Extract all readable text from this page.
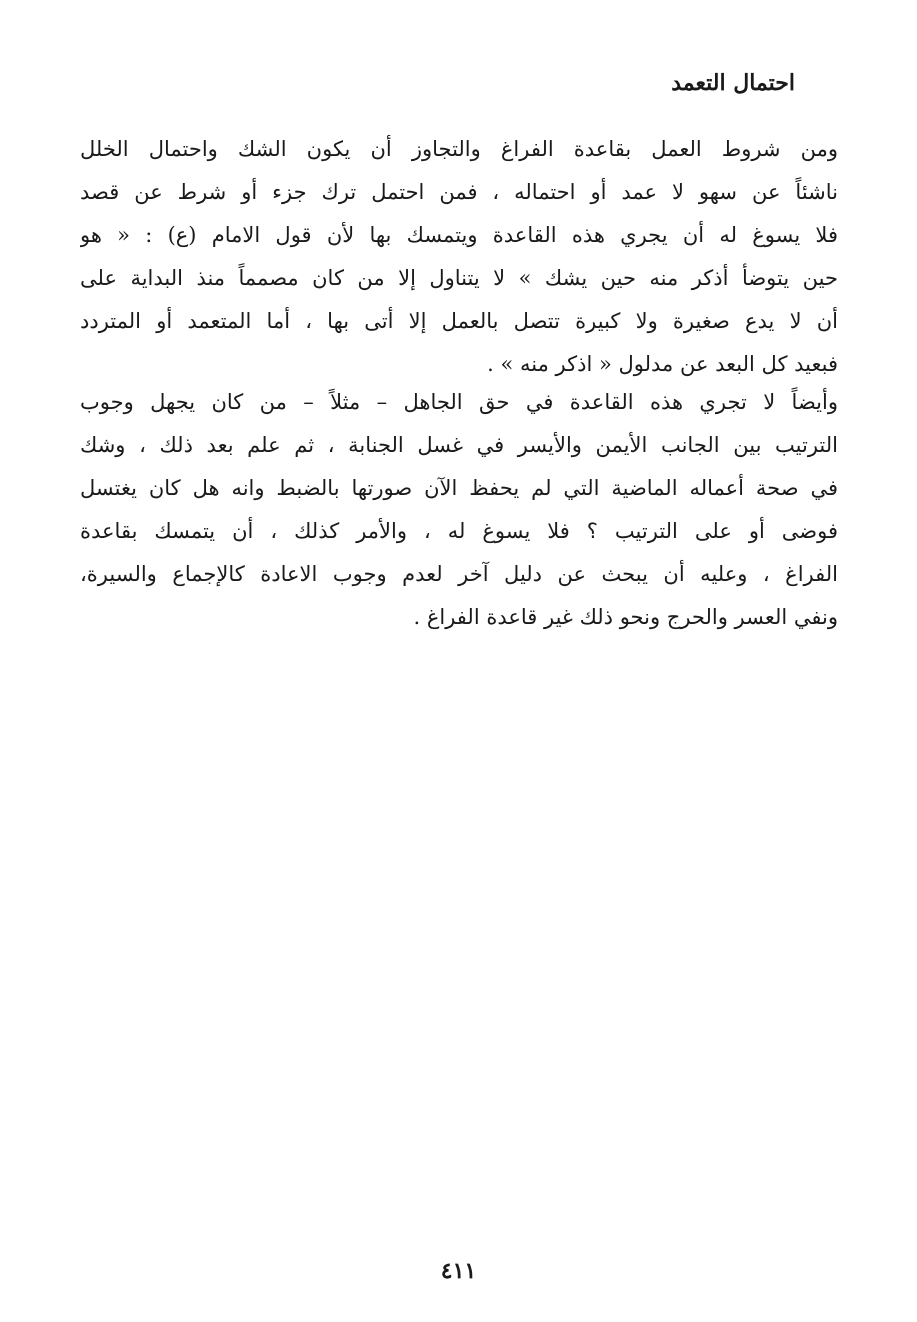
احتمال التعمد
ومن شروط العمل بقاعدة الفراغ والتجاوز أن يكون الشك واحتمال الخلل
ناشئاً عن سهو لا عمد أو احتماله ، فمن احتمل ترك جزء أو شرط عن قصد
فلا يسوغ له أن يجري هذه القاعدة ويتمسك بها لأن قول الامام (ع) : « هو
حين يتوضأ أذكر منه حين يشك » لا يتناول إلا من كان مصمماً منذ البداية على
أن لا يدع صغيرة ولا كبيرة تتصل بالعمل إلا أتى بها ، أما المتعمد أو المتردد
فبعيد كل البعد عن مدلول « اذكر منه » .
وأيضاً لا تجري هذه القاعدة في حق الجاهل – مثلاً – من كان يجهل وجوب
الترتيب بين الجانب الأيمن والأيسر في غسل الجنابة ، ثم علم بعد ذلك ، وشك
في صحة أعماله الماضية التي لم يحفظ الآن صورتها بالضبط وانه هل كان يغتسل
فوضى أو على الترتيب ؟ فلا يسوغ له ، والأمر كذلك ، أن يتمسك بقاعدة
الفراغ ، وعليه أن يبحث عن دليل آخر لعدم وجوب الاعادة كالإجماع والسيرة،
ونفي العسر والحرج ونحو ذلك غير قاعدة الفراغ .
٤١١
